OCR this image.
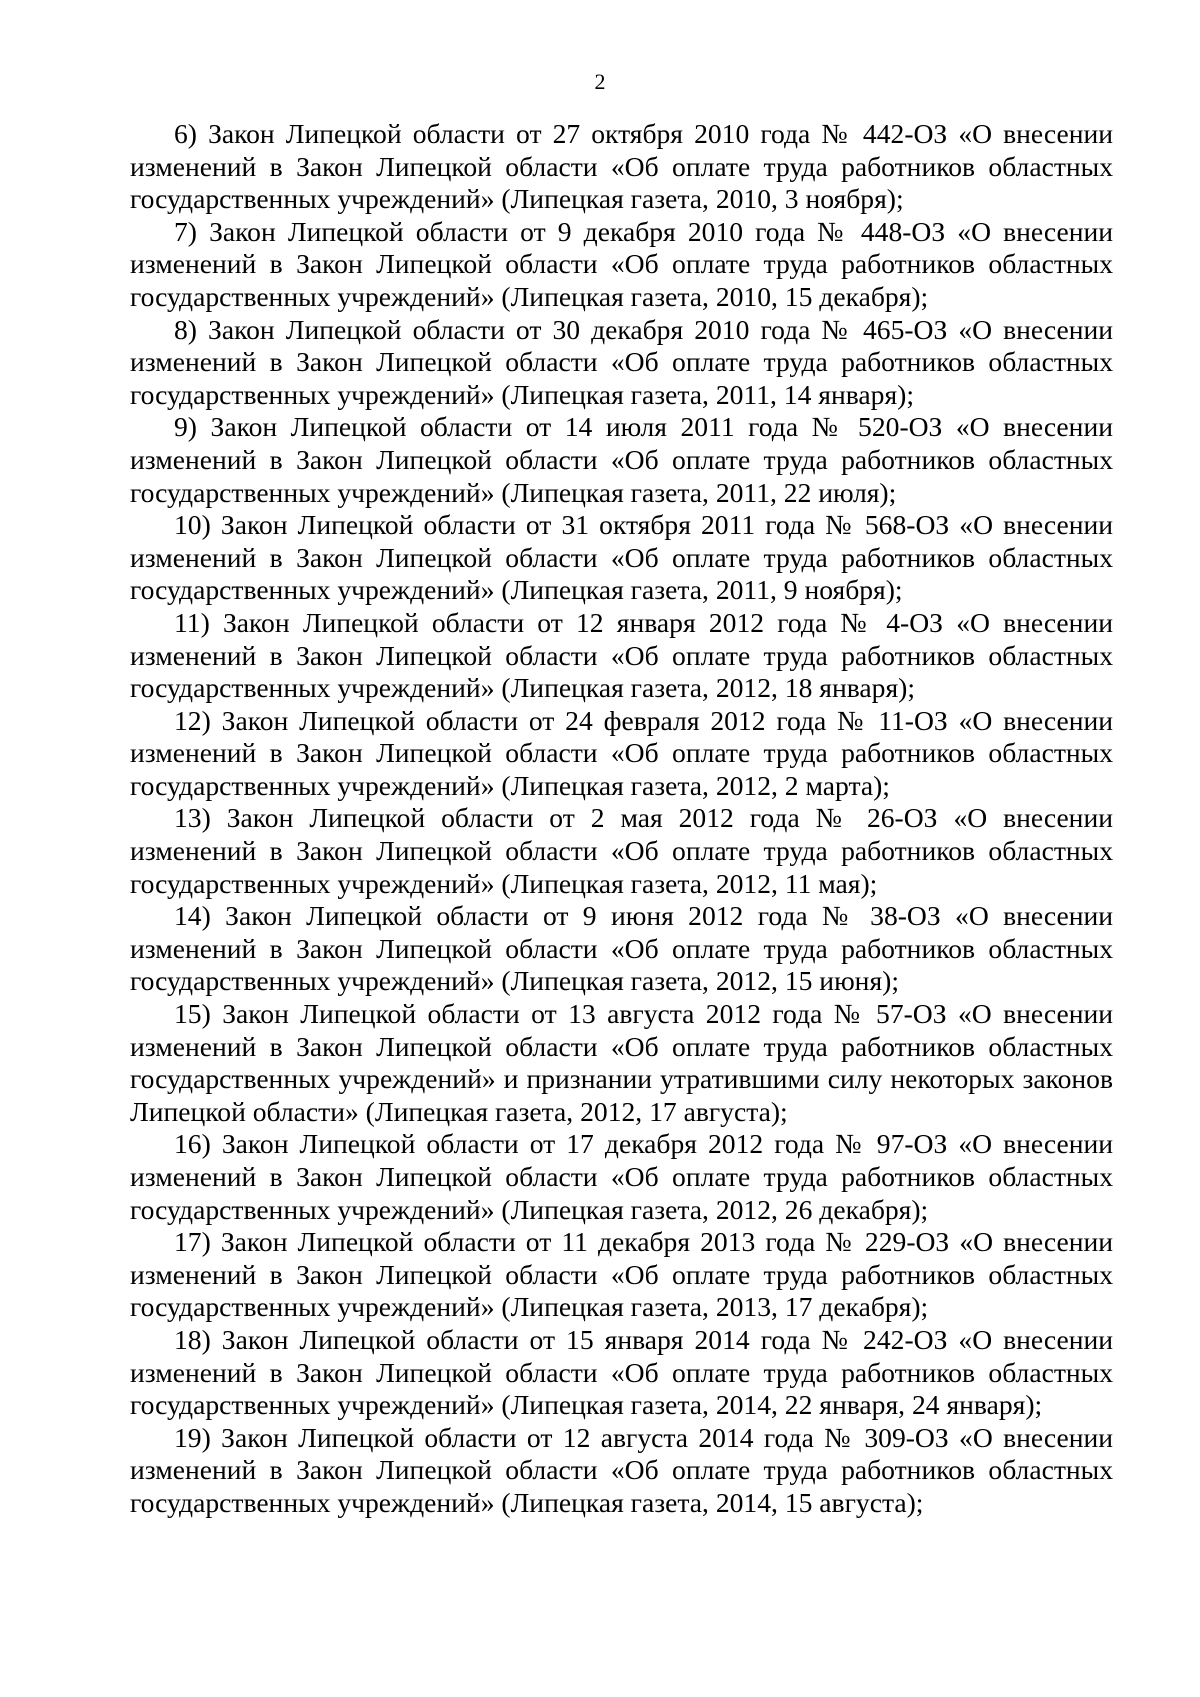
2

6) Закон Липецкой области от 27 октября 2010 года № 442-ОЗ «О внесении изменений в Закон Липецкой области «Об оплате труда работников областных государственных учреждений» (Липецкая газета, 2010, 3 ноября);

7) Закон Липецкой области от 9 декабря 2010 года № 448-ОЗ «О внесении изменений в Закон Липецкой области «Об оплате труда работников областных государственных учреждений» (Липецкая газета, 2010, 15 декабря);

8) Закон Липецкой области от 30 декабря 2010 года № 465-ОЗ «О внесении изменений в Закон Липецкой области «Об оплате труда работников областных государственных учреждений» (Липецкая газета, 2011, 14 января);

9) Закон Липецкой области от 14 июля 2011 года № 520-ОЗ «О внесении изменений в Закон Липецкой области «Об оплате труда работников областных государственных учреждений» (Липецкая газета, 2011, 22 июля);

10) Закон Липецкой области от 31 октября 2011 года № 568-ОЗ «О внесении изменений в Закон Липецкой области «Об оплате труда работников областных государственных учреждений» (Липецкая газета, 2011, 9 ноября);

11) Закон Липецкой области от 12 января 2012 года № 4-ОЗ «О внесении изменений в Закон Липецкой области «Об оплате труда работников областных государственных учреждений» (Липецкая газета, 2012, 18 января);

12) Закон Липецкой области от 24 февраля 2012 года № 11-ОЗ «О внесении изменений в Закон Липецкой области «Об оплате труда работников областных государственных учреждений» (Липецкая газета, 2012, 2 марта);

13) Закон Липецкой области от 2 мая 2012 года № 26-ОЗ «О внесении изменений в Закон Липецкой области «Об оплате труда работников областных государственных учреждений» (Липецкая газета, 2012, 11 мая);

14) Закон Липецкой области от 9 июня 2012 года № 38-ОЗ «О внесении изменений в Закон Липецкой области «Об оплате труда работников областных государственных учреждений» (Липецкая газета, 2012, 15 июня);

15) Закон Липецкой области от 13 августа 2012 года № 57-ОЗ «О внесении изменений в Закон Липецкой области «Об оплате труда работников областных государственных учреждений» и признании утратившими силу некоторых законов Липецкой области» (Липецкая газета, 2012, 17 августа);

16) Закон Липецкой области от 17 декабря 2012 года № 97-ОЗ «О внесении изменений в Закон Липецкой области «Об оплате труда работников областных государственных учреждений» (Липецкая газета, 2012, 26 декабря);

17) Закон Липецкой области от 11 декабря 2013 года № 229-ОЗ «О внесении изменений в Закон Липецкой области «Об оплате труда работников областных государственных учреждений» (Липецкая газета, 2013, 17 декабря);

18) Закон Липецкой области от 15 января 2014 года № 242-ОЗ «О внесении изменений в Закон Липецкой области «Об оплате труда работников областных государственных учреждений» (Липецкая газета, 2014, 22 января, 24 января);

19) Закон Липецкой области от 12 августа 2014 года № 309-ОЗ «О внесении изменений в Закон Липецкой области «Об оплате труда работников областных государственных учреждений» (Липецкая газета, 2014, 15 августа);
